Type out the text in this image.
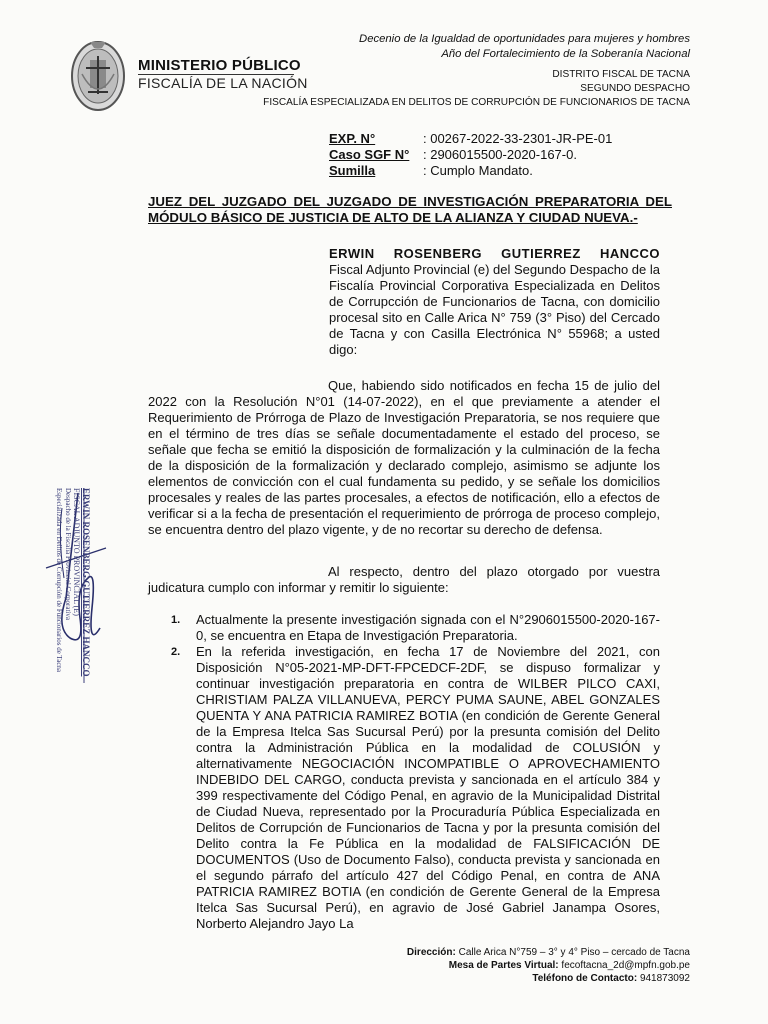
MINISTERIO PÚBLICO
FISCALÍA DE LA NACIÓN
Decenio de la Igualdad de oportunidades para mujeres y hombres
Año del Fortalecimiento de la Soberanía Nacional
DISTRITO FISCAL DE TACNA
SEGUNDO DESPACHO
FISCALÍA ESPECIALIZADA EN DELITOS DE CORRUPCIÓN DE FUNCIONARIOS DE TACNA
EXP. N°	: 00267-2022-33-2301-JR-PE-01
Caso SGF N°	: 2906015500-2020-167-0.
Sumilla	: Cumplo Mandato.
JUEZ DEL JUZGADO DEL JUZGADO DE INVESTIGACIÓN PREPARATORIA DEL MÓDULO BÁSICO DE JUSTICIA DE ALTO DE LA ALIANZA Y CIUDAD NUEVA.-
ERWIN ROSENBERG GUTIERREZ HANCCO
Fiscal Adjunto Provincial (e) del Segundo Despacho de la Fiscalía Provincial Corporativa Especializada en Delitos de Corrupcción de Funcionarios de Tacna, con domicilio procesal sito en Calle Arica N° 759 (3° Piso) del Cercado de Tacna y con Casilla Electrónica N° 55968; a usted digo:
Que, habiendo sido notificados en fecha 15 de julio del 2022 con la Resolución N°01 (14-07-2022), en el que previamente a atender el Requerimiento de Prórroga de Plazo de Investigación Preparatoria, se nos requiere que en el término de tres días se señale documentadamente el estado del proceso, se señale que fecha se emitió la disposición de formalización y la culminación de la fecha de la disposición de la formalización y declarado complejo, asimismo se adjunte los elementos de convicción con el cual fundamenta su pedido, y se señale los domicilios procesales y reales de las partes procesales, a efectos de notificación, ello a efectos de verificar si a la fecha de presentación el requerimiento de prórroga de proceso complejo, se encuentra dentro del plazo vigente, y de no recortar su derecho de defensa.
Al respecto, dentro del plazo otorgado por vuestra judicatura cumplo con informar y remitir lo siguiente:
1. Actualmente la presente investigación signada con el N°2906015500-2020-167-0, se encuentra en Etapa de Investigación Preparatoria.
2. En la referida investigación, en fecha 17 de Noviembre del 2021, con Disposición N°05-2021-MP-DFT-FPCEDCF-2DF, se dispuso formalizar y continuar investigación preparatoria en contra de WILBER PILCO CAXI, CHRISTIAM PALZA VILLANUEVA, PERCY PUMA SAUNE, ABEL GONZALES QUENTA Y ANA PATRICIA RAMIREZ BOTIA (en condición de Gerente General de la Empresa Itelca Sas Sucursal Perú) por la presunta comisión del Delito contra la Administración Pública en la modalidad de COLUSIÓN y alternativamente NEGOCIACIÓN INCOMPATIBLE O APROVECHAMIENTO INDEBIDO DEL CARGO, conducta prevista y sancionada en el artículo 384 y 399 respectivamente del Código Penal, en agravio de la Municipalidad Distrital de Ciudad Nueva, representado por la Procuraduría Pública Especializada en Delitos de Corrupción de Funcionarios de Tacna y por la presunta comisión del Delito contra la Fe Pública en la modalidad de FALSIFICACIÓN DE DOCUMENTOS (Uso de Documento Falso), conducta prevista y sancionada en el segundo párrafo del artículo 427 del Código Penal, en contra de ANA PATRICIA RAMIREZ BOTIA (en condición de Gerente General de la Empresa Itelca Sas Sucursal Perú), en agravio de José Gabriel Janampa Osores, Norberto Alejandro Jayo La
ERWIN ROSENBERG GUTIERREZ HANCCO
FISCAL ADJUNTO PROVINCIAL (E)
Despacho de la Fiscalía Provincial Corporativa
Especializada en Delitos de Corrupción de Funcionarios de Tacna
Dirección: Calle Arica N°759 – 3° y 4° Piso – cercado de Tacna
Mesa de Partes Virtual: fecoftacna_2d@mpfn.gob.pe
Teléfono de Contacto: 941873092
